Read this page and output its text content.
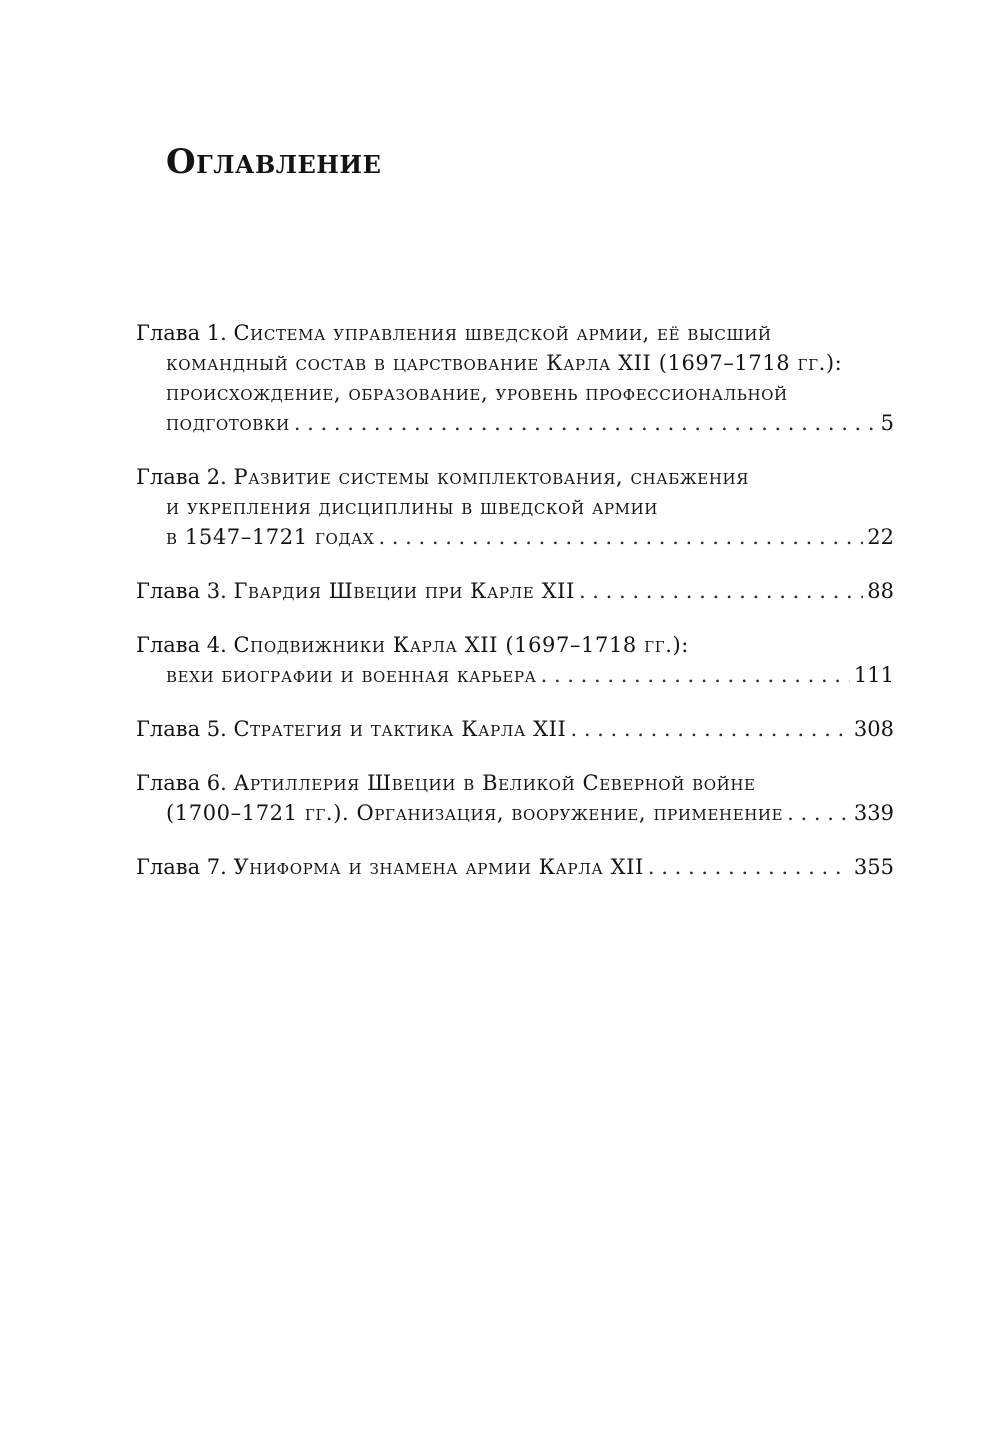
Оглавление
Глава 1. Система управления шведской армии, её высший
командный состав в царствование Карла XII (1697–1718 гг.):
происхождение, образование, уровень профессиональной
подготовки . . .	5
Глава 2. Развитие системы комплектования, снабжения
и укрепления дисциплины в шведской армии
в 1547–1721 годах . . .	22
Глава 3. Гвардия Швеции при Карле XII . . .	88
Глава 4. Сподвижники Карла XII (1697–1718 гг.):
вехи биографии и военная карьера . . .	111
Глава 5. Стратегия и тактика Карла XII . . .	308
Глава 6. Артиллерия Швеции в Великой Северной войне
(1700–1721 гг.). Организация, вооружение, применение . . .	339
Глава 7. Униформа и знамена армии Карла XII . . .	355
